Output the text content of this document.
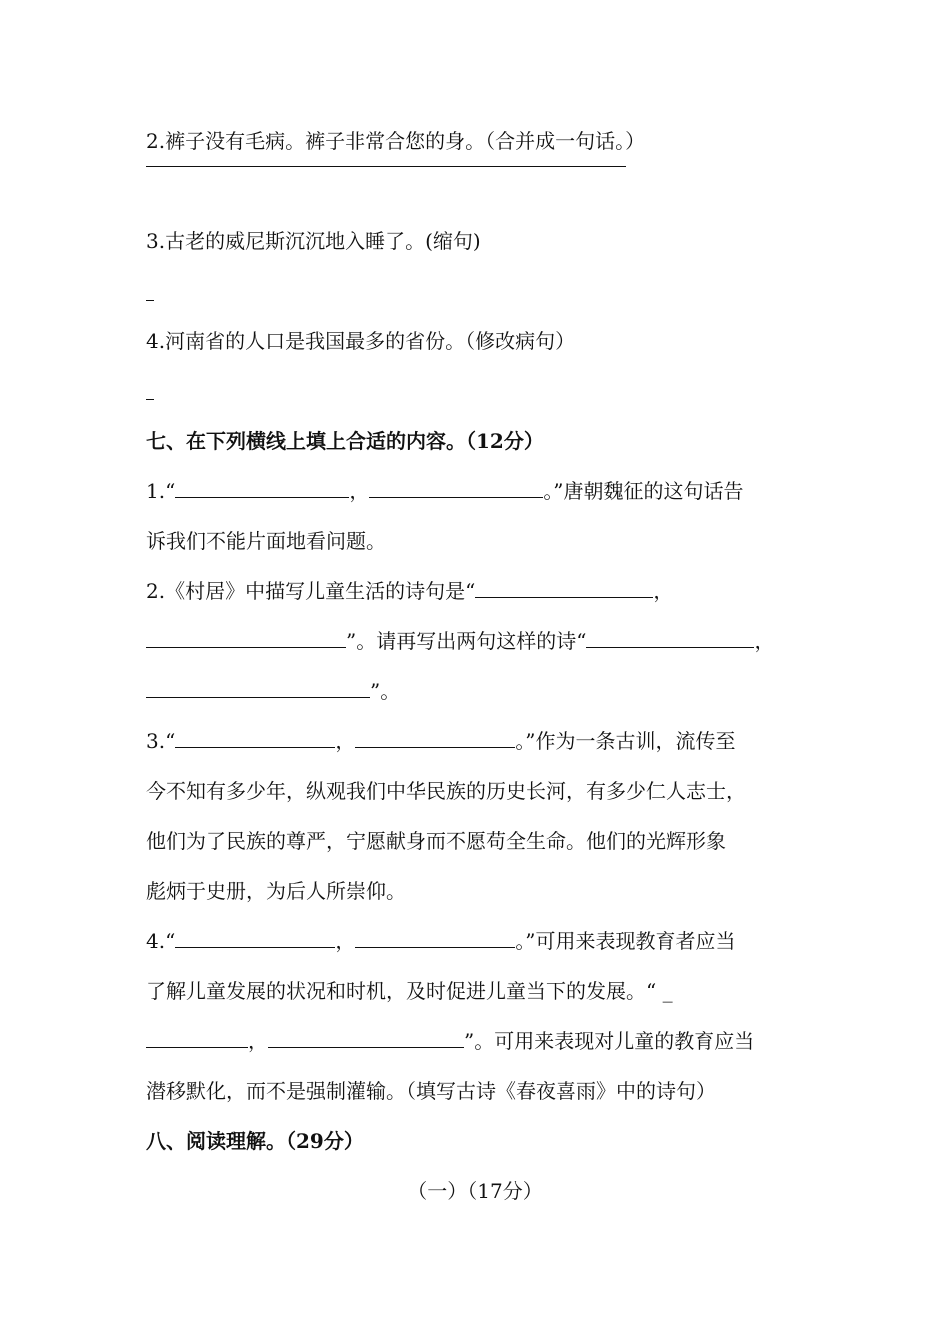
2.裤子没有毛病。裤子非常合您的身。（合并成一句话。）
3.古老的威尼斯沉沉地入睡了。(缩句)
4.河南省的人口是我国最多的省份。（修改病句）
七、在下列横线上填上合适的内容。（12分）
1.“	，	。”唐朝魏征的这句话告
诉我们不能片面地看问题。
2.《村居》中描写儿童生活的诗句是“	，
”。请再写出两句这样的诗“	，
”。
3.“	，	。”作为一条古训，流传至
今不知有多少年，纵观我们中华民族的历史长河，有多少仁人志士，
他们为了民族的尊严，宁愿献身而不愿苟全生命。他们的光辉形象
彪炳于史册，为后人所崇仰。
4.“	，	。”可用来表现教育者应当
了解儿童发展的状况和时机，及时促进儿童当下的发展。“ _
，	”。可用来表现对儿童的教育应当
潜移默化，而不是强制灌输。（填写古诗《春夜喜雨》中的诗句）
八、阅读理解。（29分）
（一）（17分）
